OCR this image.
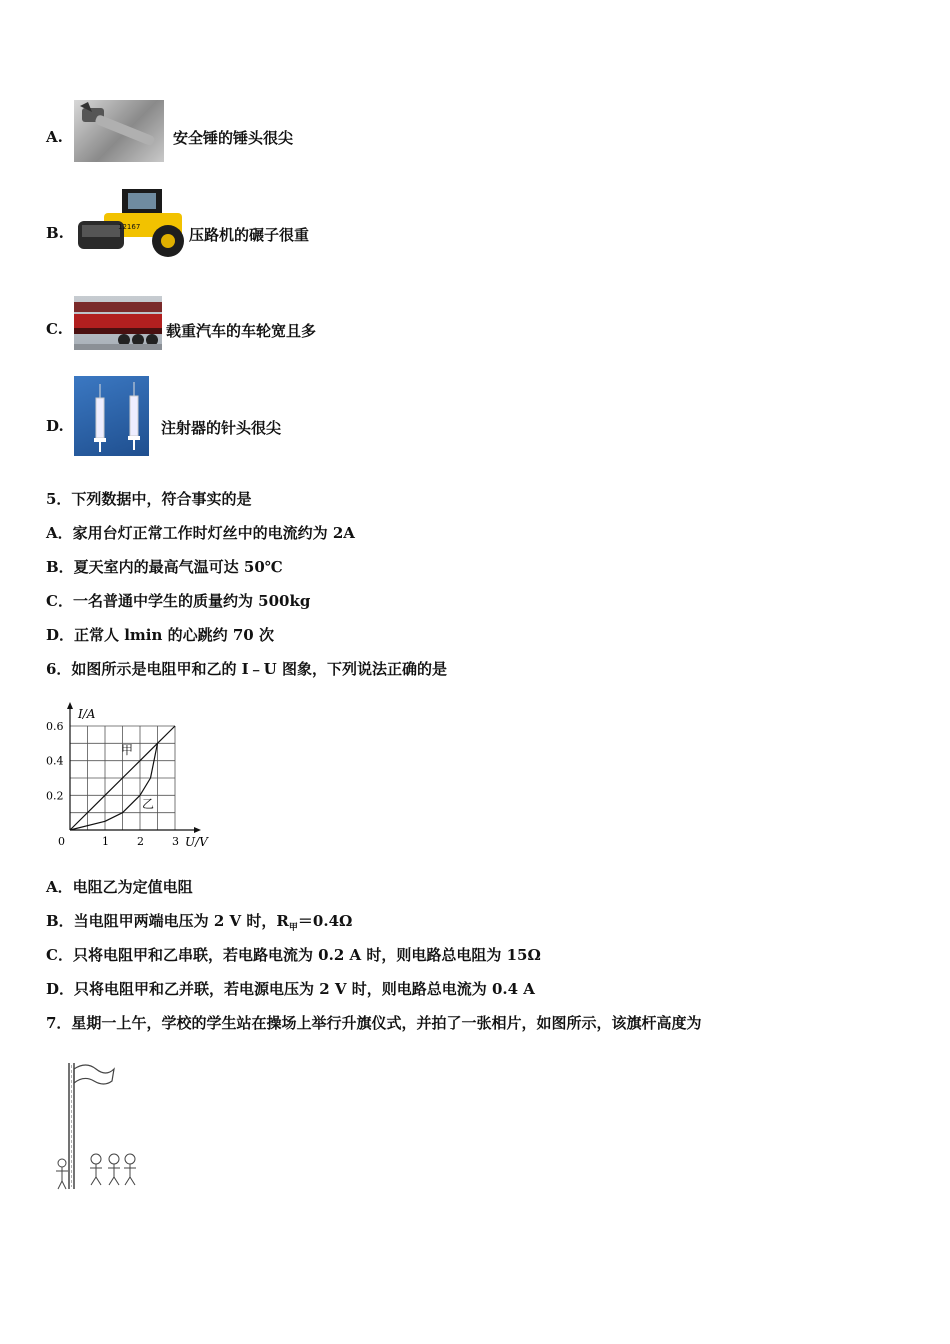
A.	安全锤的锤头很尖
B.	12167	压路机的碾子很重
C.	载重汽车的车轮宽且多
D.	注射器的针头很尖
5．下列数据中，符合事实的是
A．家用台灯正常工作时灯丝中的电流约为 2A
B．夏天室内的最高气温可达 50℃
C．一名普通中学生的质量约为 500kg
D．正常人 lmin 的心跳约 70 次
6．如图所示是电阻甲和乙的 I﹣U 图象，下列说法正确的是
I/A
U/V
0	1	2	3
0.2
0.4
0.6
甲
乙
A．电阻乙为定值电阻
B．当电阻甲两端电压为 2 V 时，$R_甲=0.4\Omega$
C．只将电阻甲和乙串联，若电路电流为 0.2 A 时，则电路总电阻为 15Ω
D．只将电阻甲和乙并联，若电源电压为 2 V 时，则电路总电流为 0.4 A
7．星期一上午，学校的学生站在操场上举行升旗仪式，并拍了一张相片，如图所示，该旗杆高度为
